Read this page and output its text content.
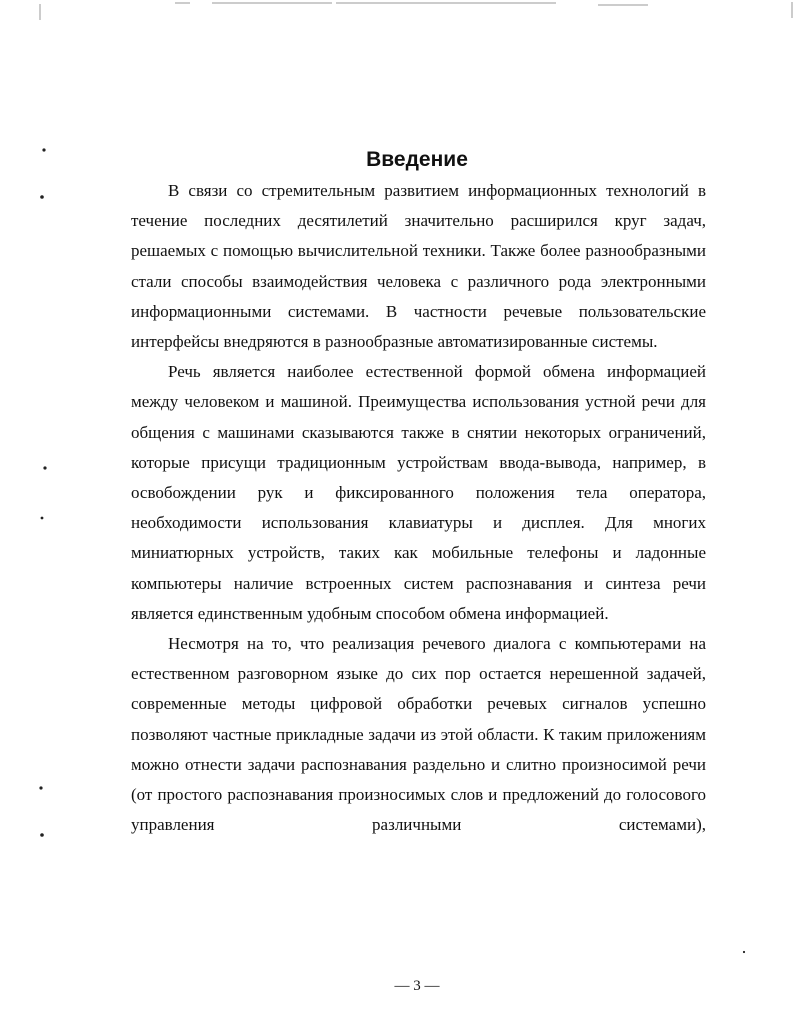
Введение

В связи со стремительным развитием информационных технологий в течение последних десятилетий значительно расширился круг задач, решаемых с помощью вычислительной техники. Также более разнообразными стали способы взаимодействия человека с различного рода электронными информационными системами. В частности речевые пользовательские интерфейсы внедряются в разнообразные автоматизированные системы.

Речь является наиболее естественной формой обмена информацией между человеком и машиной. Преимущества использования устной речи для общения с машинами сказываются также в снятии некоторых ограничений, которые присущи традиционным устройствам ввода-вывода, например, в освобождении рук и фиксированного положения тела оператора, необходимости использования клавиатуры и дисплея. Для многих миниатюрных устройств, таких как мобильные телефоны и ладонные компьютеры наличие встроенных систем распознавания и синтеза речи является единственным удобным способом обмена информацией.

Несмотря на то, что реализация речевого диалога с компьютерами на естественном разговорном языке до сих пор остается нерешенной задачей, современные методы цифровой обработки речевых сигналов успешно позволяют частные прикладные задачи из этой области. К таким приложениям можно отнести задачи распознавания раздельно и слитно произносимой речи (от простого распознавания произносимых слов и предложений до голосового управления различными системами),

— 3 —
